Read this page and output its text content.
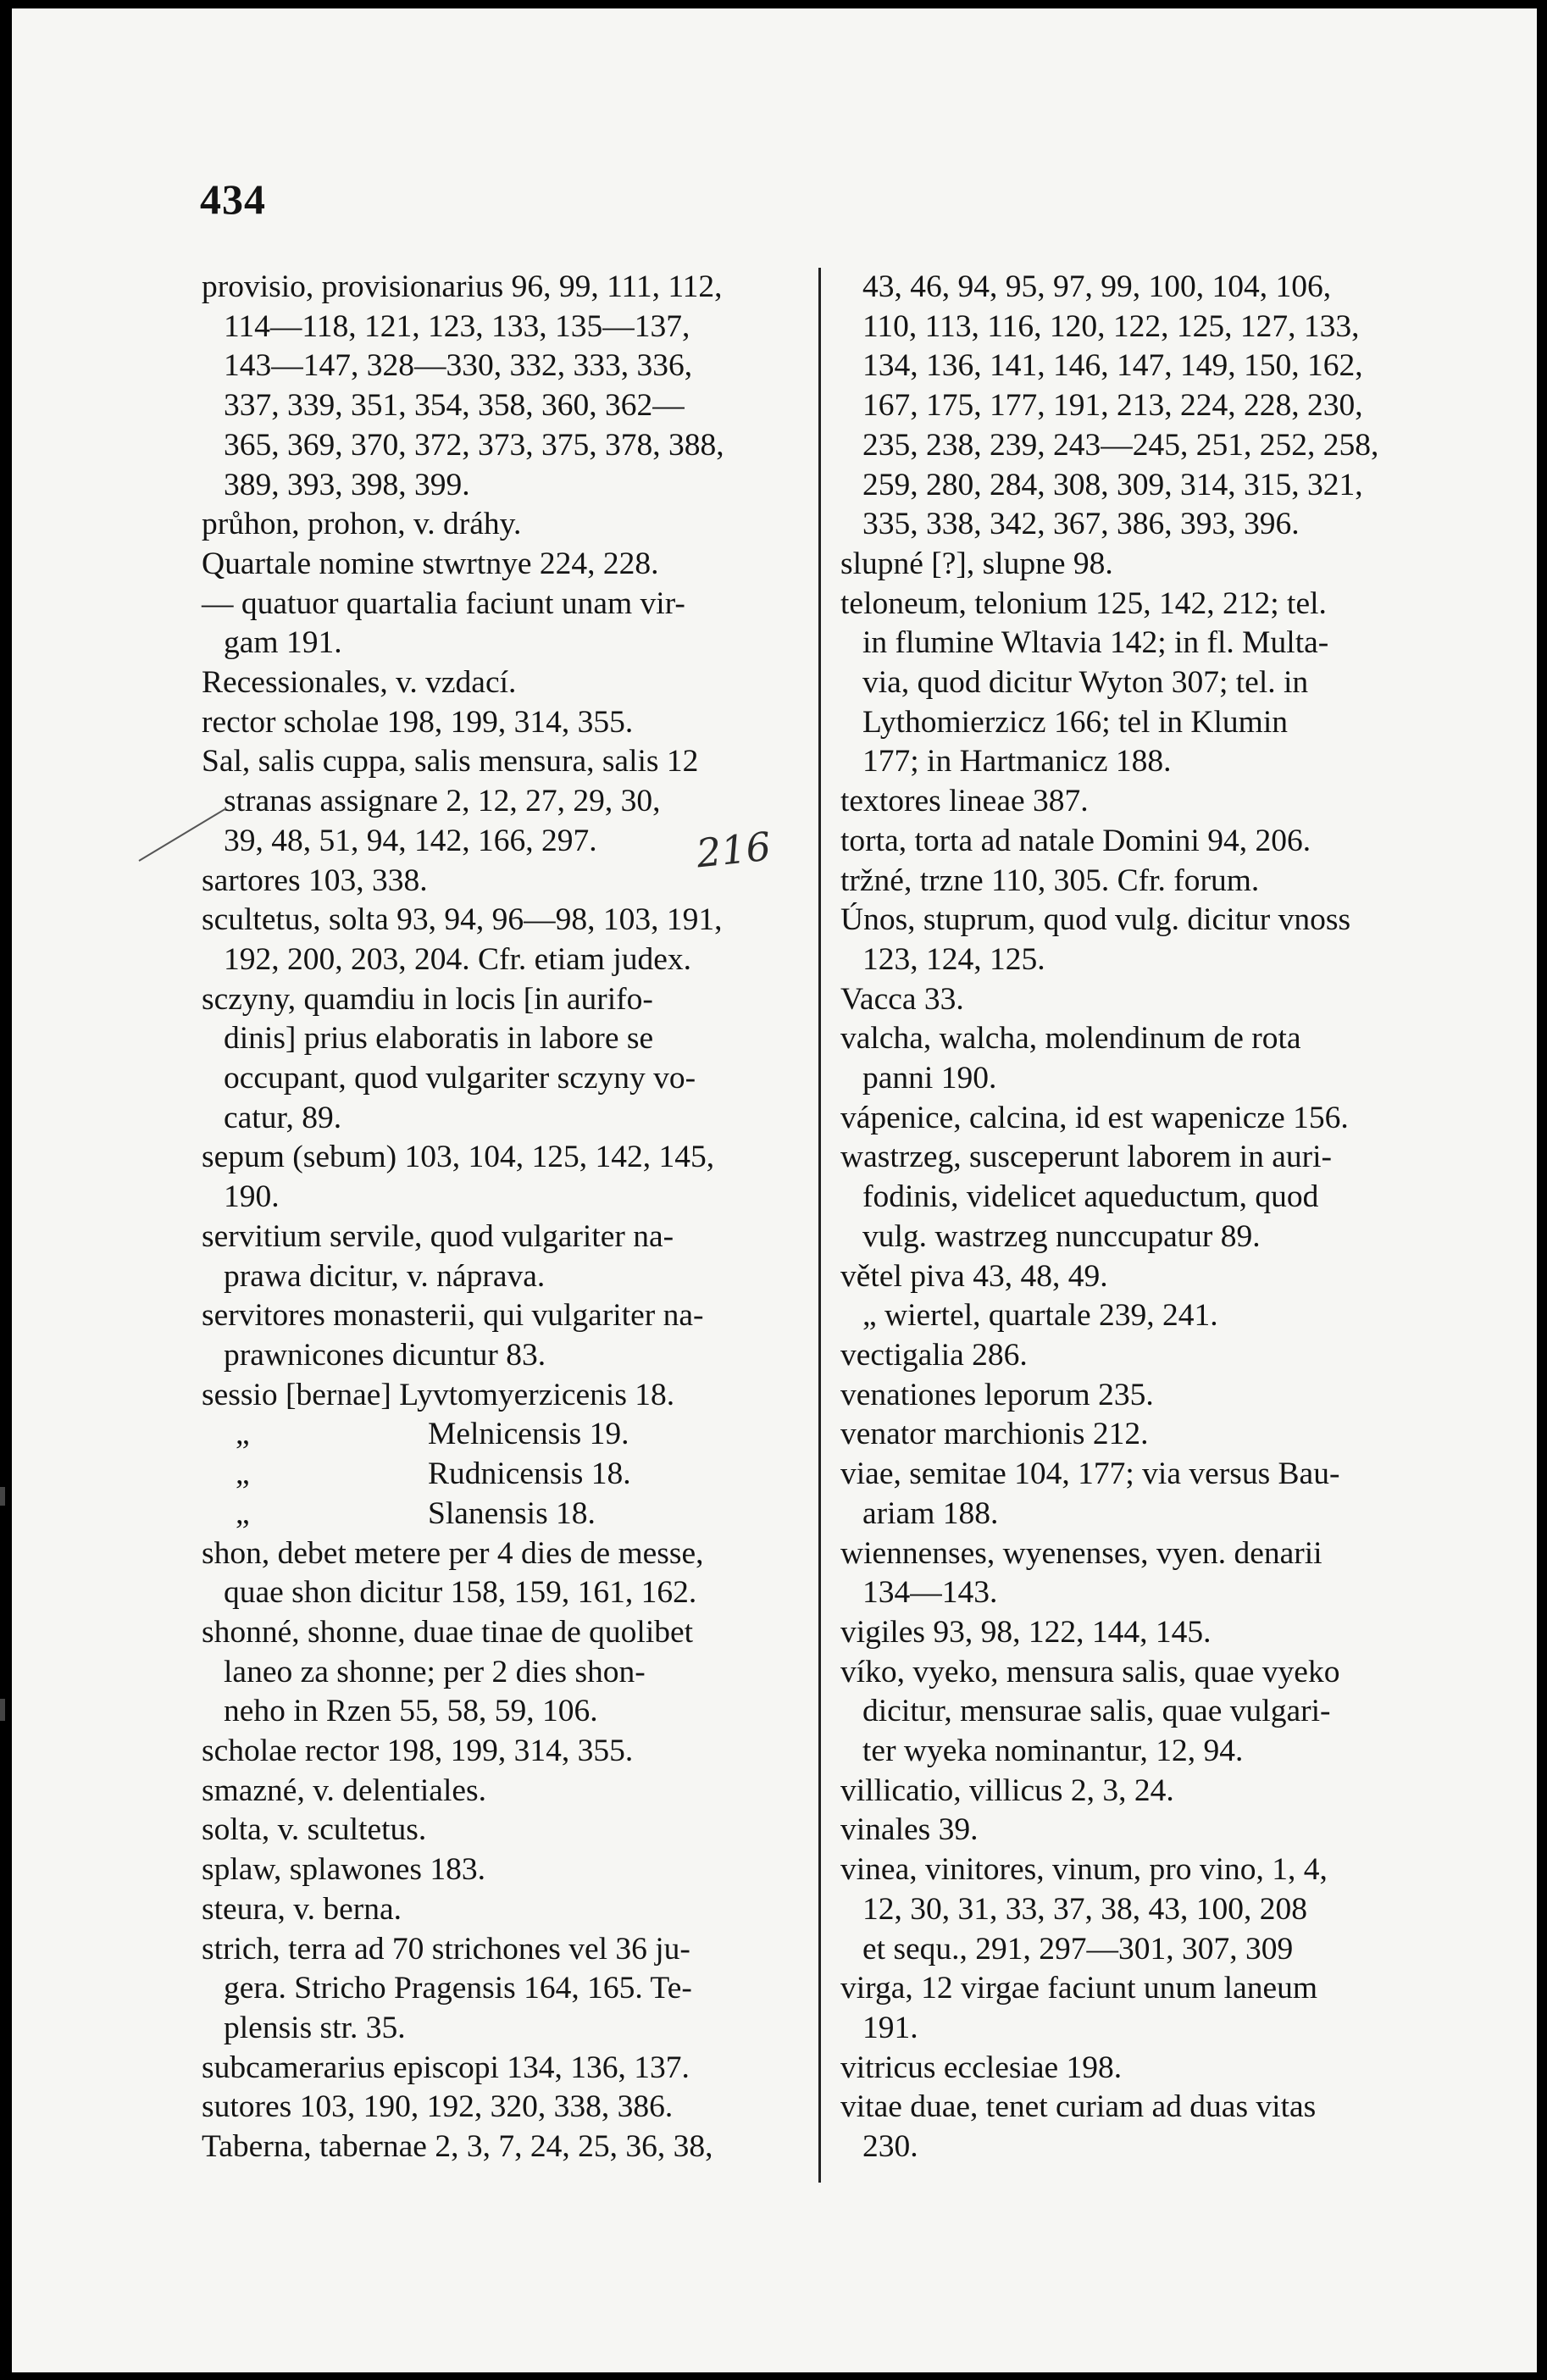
434
provisio, provisionarius 96, 99, 111, 112,
114—118, 121, 123, 133, 135—137,
143—147, 328—330, 332, 333, 336,
337, 339, 351, 354, 358, 360, 362—
365, 369, 370, 372, 373, 375, 378, 388,
389, 393, 398, 399.
průhon, prohon, v. dráhy.
Quartale nomine stwrtnye 224, 228.
— quatuor quartalia faciunt unam vir-
gam 191.
Recessionales, v. vzdací.
rector scholae 198, 199, 314, 355.
Sal, salis cuppa, salis mensura, salis 12
stranas assignare 2, 12, 27, 29, 30,
39, 48, 51, 94, 142, 166, 297.
sartores 103, 338.
scultetus, solta 93, 94, 96—98, 103, 191,
192, 200, 203, 204. Cfr. etiam judex.
sczyny, quamdiu in locis [in aurifo-
dinis] prius elaboratis in labore se
occupant, quod vulgariter sczyny vo-
catur, 89.
sepum (sebum) 103, 104, 125, 142, 145,
190.
servitium servile, quod vulgariter na-
prawa dicitur, v. náprava.
servitores monasterii, qui vulgariter na-
prawnicones dicuntur 83.
sessio [bernae] Lyvtomyerzicenis 18.
„	Melnicensis 19.
„	Rudnicensis 18.
„	Slanensis 18.
shon, debet metere per 4 dies de messe,
quae shon dicitur 158, 159, 161, 162.
shonné, shonne, duae tinae de quolibet
laneo za shonne; per 2 dies shon-
neho in Rzen 55, 58, 59, 106.
scholae rector 198, 199, 314, 355.
smazné, v. delentiales.
solta, v. scultetus.
splaw, splawones 183.
steura, v. berna.
strich, terra ad 70 strichones vel 36 ju-
gera. Stricho Pragensis 164, 165. Te-
plensis str. 35.
subcamerarius episcopi 134, 136, 137.
sutores 103, 190, 192, 320, 338, 386.
Taberna, tabernae 2, 3, 7, 24, 25, 36, 38,
43, 46, 94, 95, 97, 99, 100, 104, 106,
110, 113, 116, 120, 122, 125, 127, 133,
134, 136, 141, 146, 147, 149, 150, 162,
167, 175, 177, 191, 213, 224, 228, 230,
235, 238, 239, 243—245, 251, 252, 258,
259, 280, 284, 308, 309, 314, 315, 321,
335, 338, 342, 367, 386, 393, 396.
slupné [?], slupne 98.
teloneum, telonium 125, 142, 212; tel.
in flumine Wltavia 142; in fl. Multa-
via, quod dicitur Wyton 307; tel. in
Lythomierzicz 166; tel in Klumin
177; in Hartmanicz 188.
textores lineae 387.
torta, torta ad natale Domini 94, 206.
tržné, trzne 110, 305. Cfr. forum.
Únos, stuprum, quod vulg. dicitur vnoss
123, 124, 125.
Vacca 33.
valcha, walcha, molendinum de rota
panni 190.
vápenice, calcina, id est wapenicze 156.
wastrzeg, susceperunt laborem in auri-
fodinis, videlicet aqueductum, quod
vulg. wastrzeg nunccupatur 89.
větel piva 43, 48, 49.
„ wiertel, quartale 239, 241.
vectigalia 286.
venationes leporum 235.
venator marchionis 212.
viae, semitae 104, 177; via versus Bau-
ariam 188.
wiennenses, wyenenses, vyen. denarii
134—143.
vigiles 93, 98, 122, 144, 145.
víko, vyeko, mensura salis, quae vyeko
dicitur, mensurae salis, quae vulgari-
ter wyeka nominantur, 12, 94.
villicatio, villicus 2, 3, 24.
vinales 39.
vinea, vinitores, vinum, pro vino, 1, 4,
12, 30, 31, 33, 37, 38, 43, 100, 208
et sequ., 291, 297—301, 307, 309
virga, 12 virgae faciunt unum laneum
191.
vitricus ecclesiae 198.
vitae duae, tenet curiam ad duas vitas
230.
216
